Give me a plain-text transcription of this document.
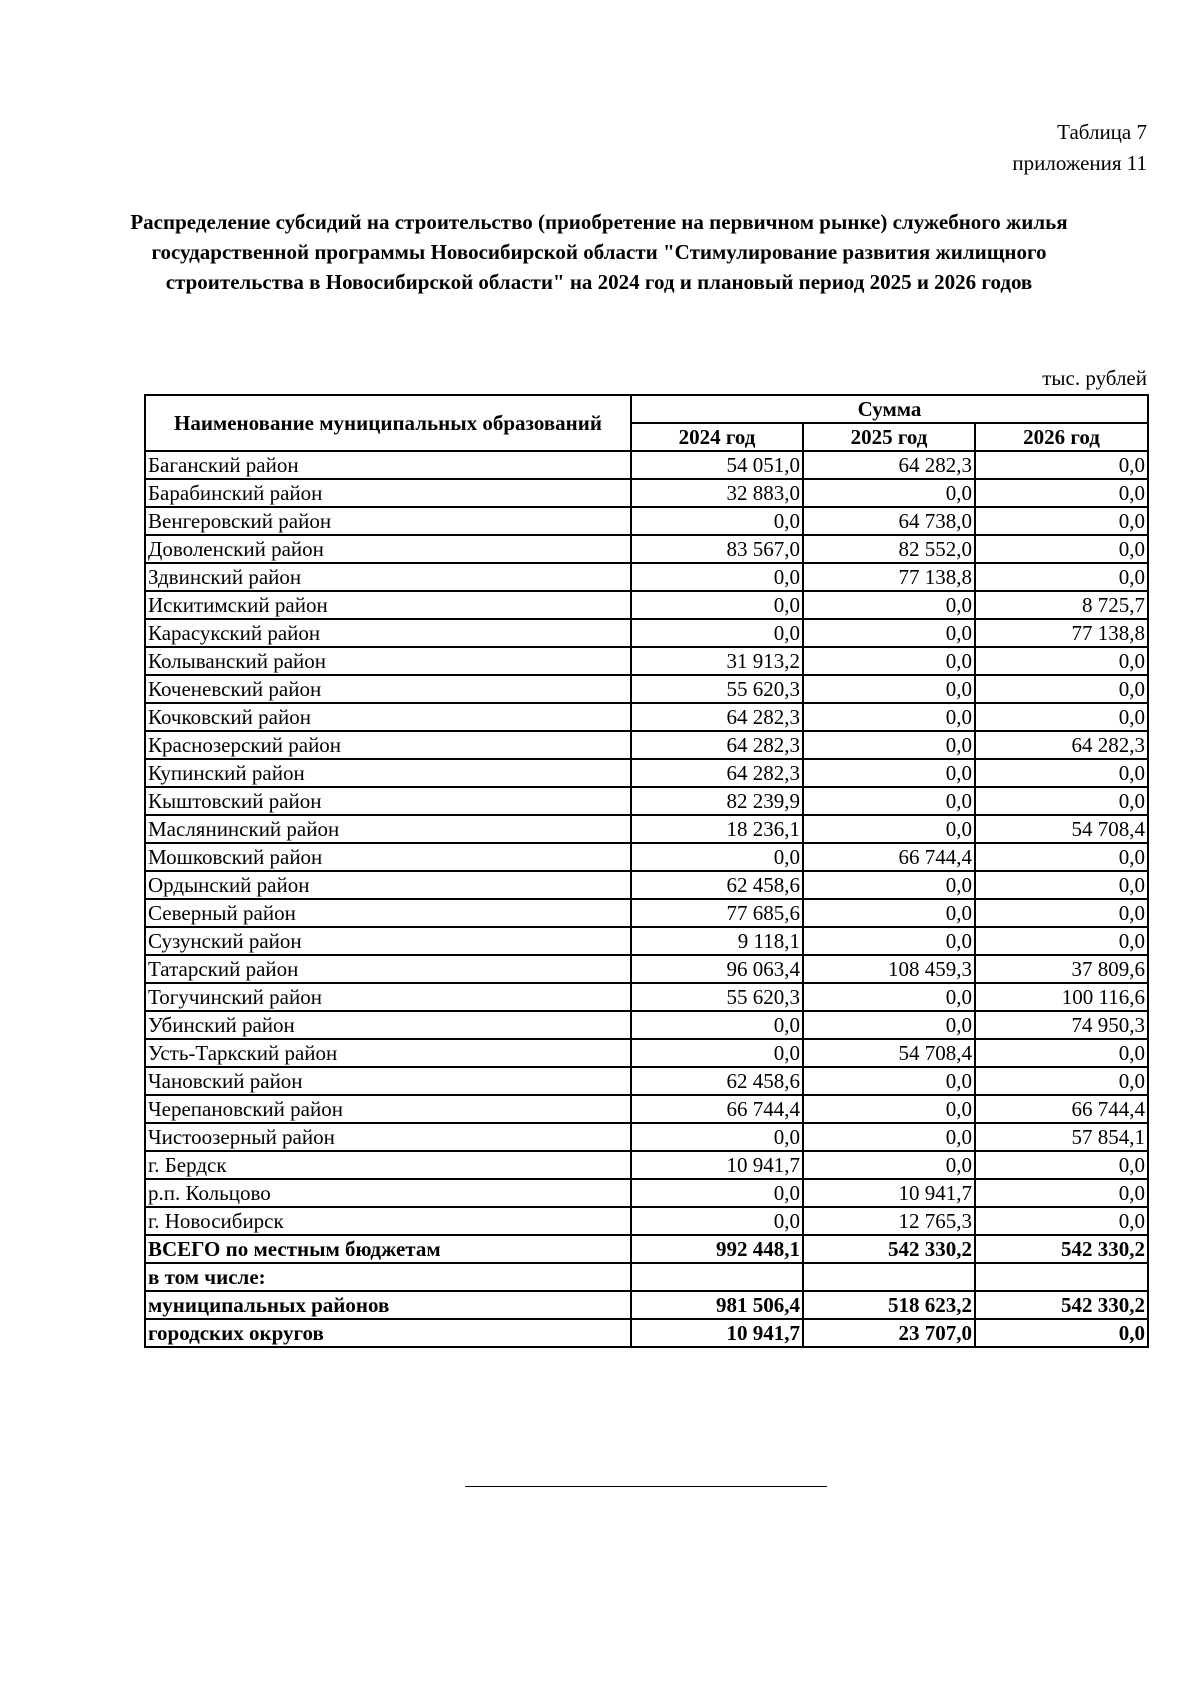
Таблица 7
приложения 11
Распределение субсидий на строительство (приобретение на первичном рынке) служебного жилья государственной программы Новосибирской области "Стимулирование развития жилищного строительства в Новосибирской области" на 2024 год и плановый период 2025 и 2026 годов
тыс. рублей
Наименование муниципальных образований	Сумма		
	2024 год	2025 год	2026 год
Баганский район	54 051,0	64 282,3	0,0
Барабинский район	32 883,0	0,0	0,0
Венгеровский район	0,0	64 738,0	0,0
Доволенский район	83 567,0	82 552,0	0,0
Здвинский район	0,0	77 138,8	0,0
Искитимский район	0,0	0,0	8 725,7
Карасукский район	0,0	0,0	77 138,8
Колыванский район	31 913,2	0,0	0,0
Коченевский район	55 620,3	0,0	0,0
Кочковский район	64 282,3	0,0	0,0
Краснозерский район	64 282,3	0,0	64 282,3
Купинский район	64 282,3	0,0	0,0
Кыштовский район	82 239,9	0,0	0,0
Маслянинский район	18 236,1	0,0	54 708,4
Мошковский район	0,0	66 744,4	0,0
Ордынский район	62 458,6	0,0	0,0
Северный район	77 685,6	0,0	0,0
Сузунский район	9 118,1	0,0	0,0
Татарский район	96 063,4	108 459,3	37 809,6
Тогучинский район	55 620,3	0,0	100 116,6
Убинский район	0,0	0,0	74 950,3
Усть-Таркский район	0,0	54 708,4	0,0
Чановский район	62 458,6	0,0	0,0
Черепановский район	66 744,4	0,0	66 744,4
Чистоозерный район	0,0	0,0	57 854,1
г. Бердск	10 941,7	0,0	0,0
р.п. Кольцово	0,0	10 941,7	0,0
г. Новосибирск	0,0	12 765,3	0,0
ВСЕГО по местным бюджетам	992 448,1	542 330,2	542 330,2
в том числе:			
муниципальных районов	981 506,4	518 623,2	542 330,2
городских округов	10 941,7	23 707,0	0,0
